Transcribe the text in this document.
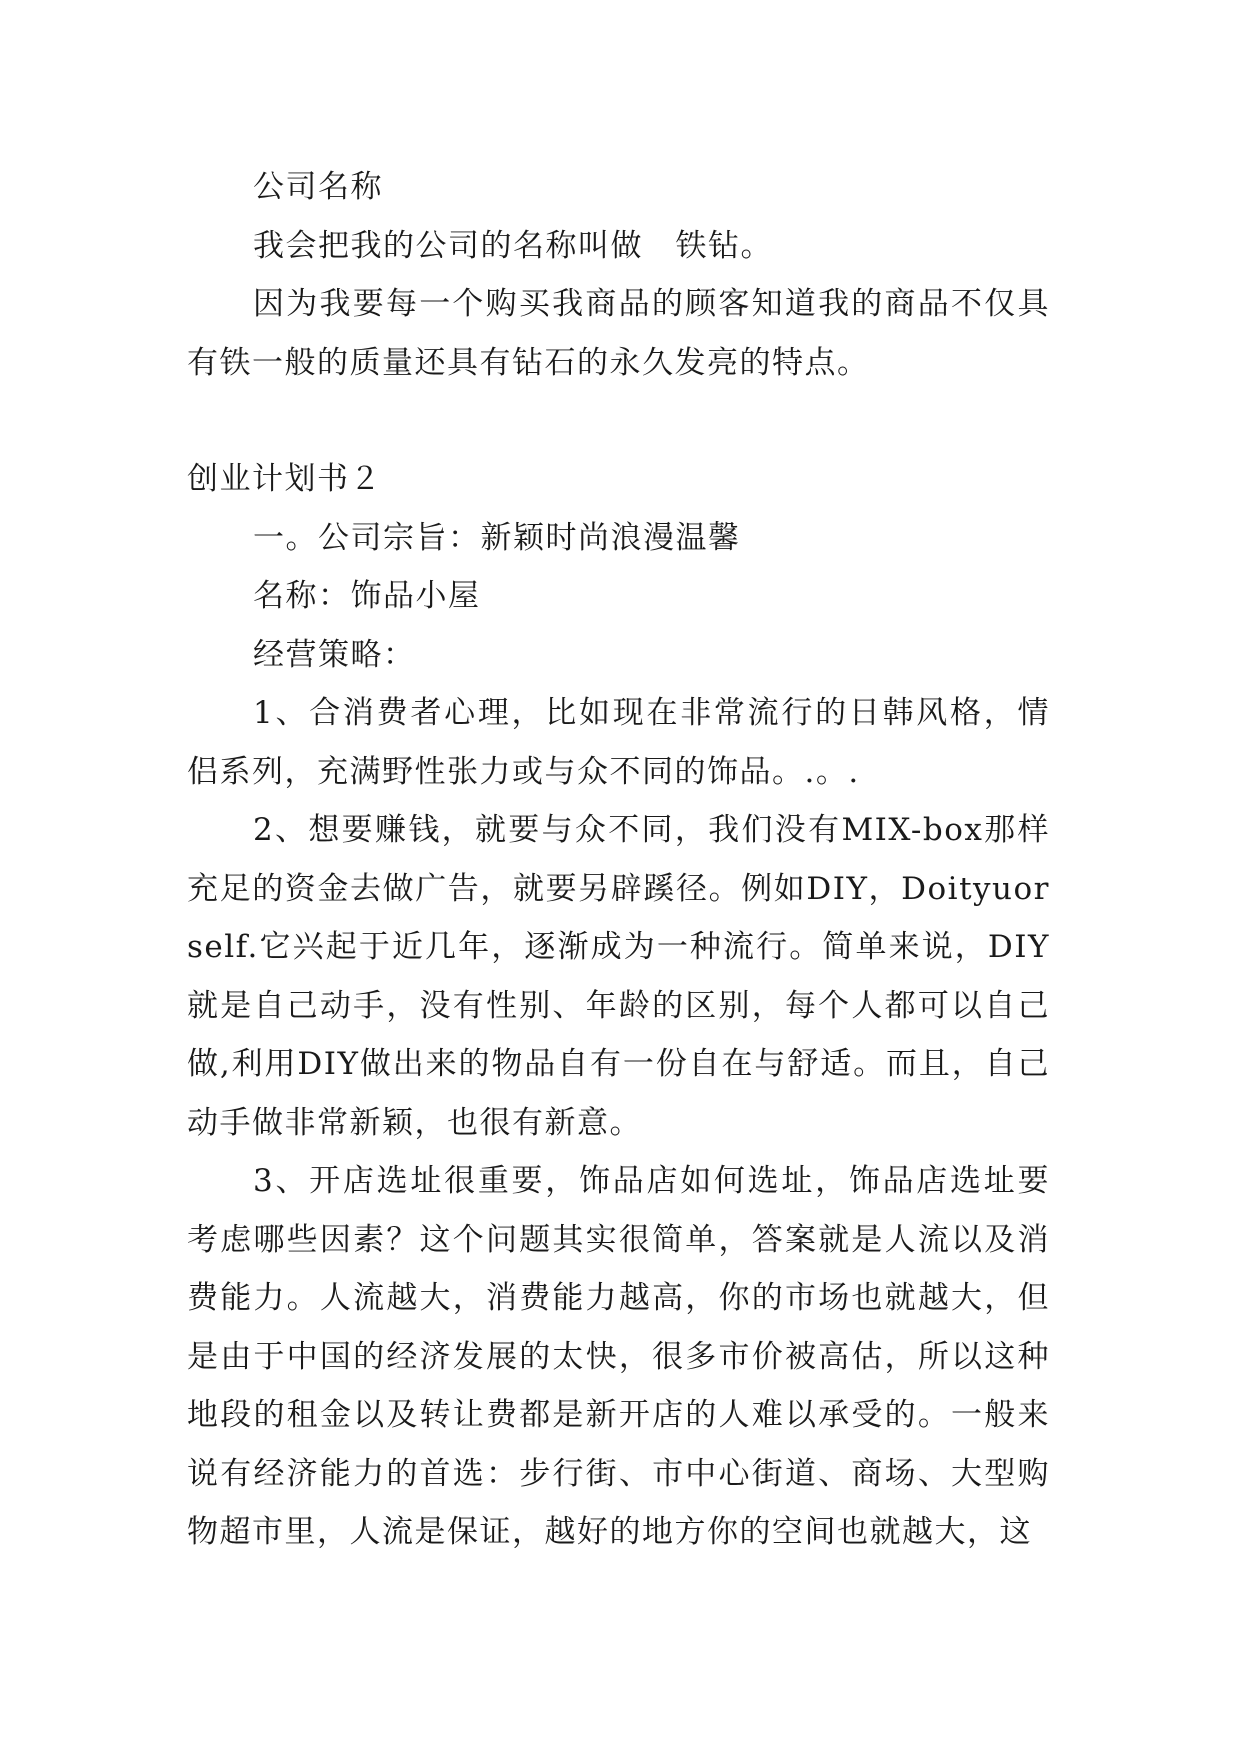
公司名称

我会把我的公司的名称叫做　铁钻。

因为我要每一个购买我商品的顾客知道我的商品不仅具有铁一般的质量还具有钻石的永久发亮的特点。

创业计划书２

一。公司宗旨：新颖时尚浪漫温馨

名称：饰品小屋

经营策略：

1、合消费者心理，比如现在非常流行的日韩风格，情侣系列，充满野性张力或与众不同的饰品。.。.

2、想要赚钱，就要与众不同，我们没有MIX-box那样充足的资金去做广告，就要另辟蹊径。例如DIY，Doityuorself.它兴起于近几年，逐渐成为一种流行。简单来说，DIY就是自己动手，没有性别、年龄的区别，每个人都可以自己做,利用DIY做出来的物品自有一份自在与舒适。而且，自己动手做非常新颖，也很有新意。

3、开店选址很重要，饰品店如何选址，饰品店选址要考虑哪些因素？这个问题其实很简单，答案就是人流以及消费能力。人流越大，消费能力越高，你的市场也就越大，但是由于中国的经济发展的太快，很多市价被高估，所以这种地段的租金以及转让费都是新开店的人难以承受的。一般来说有经济能力的首选：步行街、市中心街道、商场、大型购物超市里，人流是保证，越好的地方你的空间也就越大，这
